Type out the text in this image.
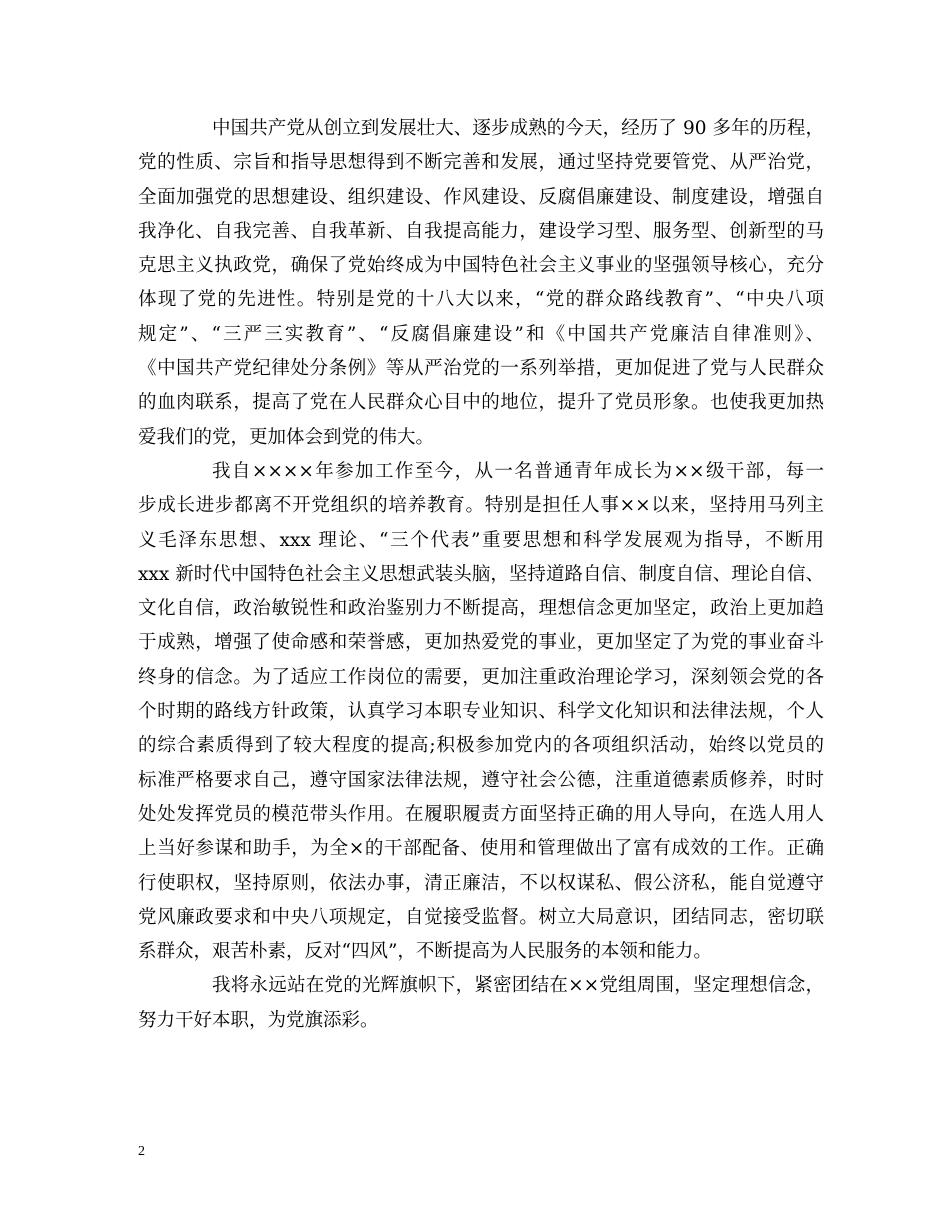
中国共产党从创立到发展壮大、逐步成熟的今天，经历了 90 多年的历程，
党的性质、宗旨和指导思想得到不断完善和发展，通过坚持党要管党、从严治党，
全面加强党的思想建设、组织建设、作风建设、反腐倡廉建设、制度建设，增强自
我净化、自我完善、自我革新、自我提高能力，建设学习型、服务型、创新型的马
克思主义执政党，确保了党始终成为中国特色社会主义事业的坚强领导核心，充分
体现了党的先进性。特别是党的十八大以来，“党的群众路线教育”、“中央八项
规定”、“三严三实教育”、“反腐倡廉建设”和《中国共产党廉洁自律准则》、
《中国共产党纪律处分条例》等从严治党的一系列举措，更加促进了党与人民群众
的血肉联系，提高了党在人民群众心目中的地位，提升了党员形象。也使我更加热
爱我们的党，更加体会到党的伟大。
我自××××年参加工作至今，从一名普通青年成长为××级干部，每一
步成长进步都离不开党组织的培养教育。特别是担任人事××以来，坚持用马列主
义毛泽东思想、xxx 理论、“三个代表”重要思想和科学发展观为指导，不断用
xxx 新时代中国特色社会主义思想武装头脑，坚持道路自信、制度自信、理论自信、
文化自信，政治敏锐性和政治鉴别力不断提高，理想信念更加坚定，政治上更加趋
于成熟，增强了使命感和荣誉感，更加热爱党的事业，更加坚定了为党的事业奋斗
终身的信念。为了适应工作岗位的需要，更加注重政治理论学习，深刻领会党的各
个时期的路线方针政策，认真学习本职专业知识、科学文化知识和法律法规，个人
的综合素质得到了较大程度的提高;积极参加党内的各项组织活动，始终以党员的
标准严格要求自己，遵守国家法律法规，遵守社会公德，注重道德素质修养，时时
处处发挥党员的模范带头作用。在履职履责方面坚持正确的用人导向，在选人用人
上当好参谋和助手，为全×的干部配备、使用和管理做出了富有成效的工作。正确
行使职权，坚持原则，依法办事，清正廉洁，不以权谋私、假公济私，能自觉遵守
党风廉政要求和中央八项规定，自觉接受监督。树立大局意识，团结同志，密切联
系群众，艰苦朴素，反对“四风”，不断提高为人民服务的本领和能力。
我将永远站在党的光辉旗帜下，紧密团结在××党组周围，坚定理想信念，
努力干好本职，为党旗添彩。
2
